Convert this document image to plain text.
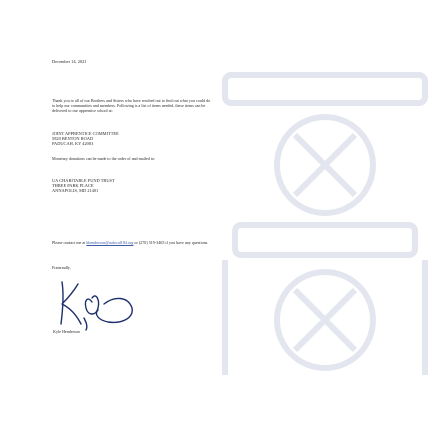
December 14, 2021
Thank you to all of our Brothers and Sisters who have reached out to find out what you could do
to help our communities and members. Following is a list of items needed, these items can be
delivered to our apprentice school at:
JOINT APPRENTICE COMMITTEE
5820 BENTON ROAD
PADUCAH, KY 42003
Monetary donations can be made to the order of and mailed to:
UA CHARITABLE FUND TRUST
THREE PARK PLACE
ANNAPOLIS, MD 21401
Please contact me at khenderson@ualocal184.org or (270) 519-3465 if you have any questions.
Fraternally,
Kyle Henderson
